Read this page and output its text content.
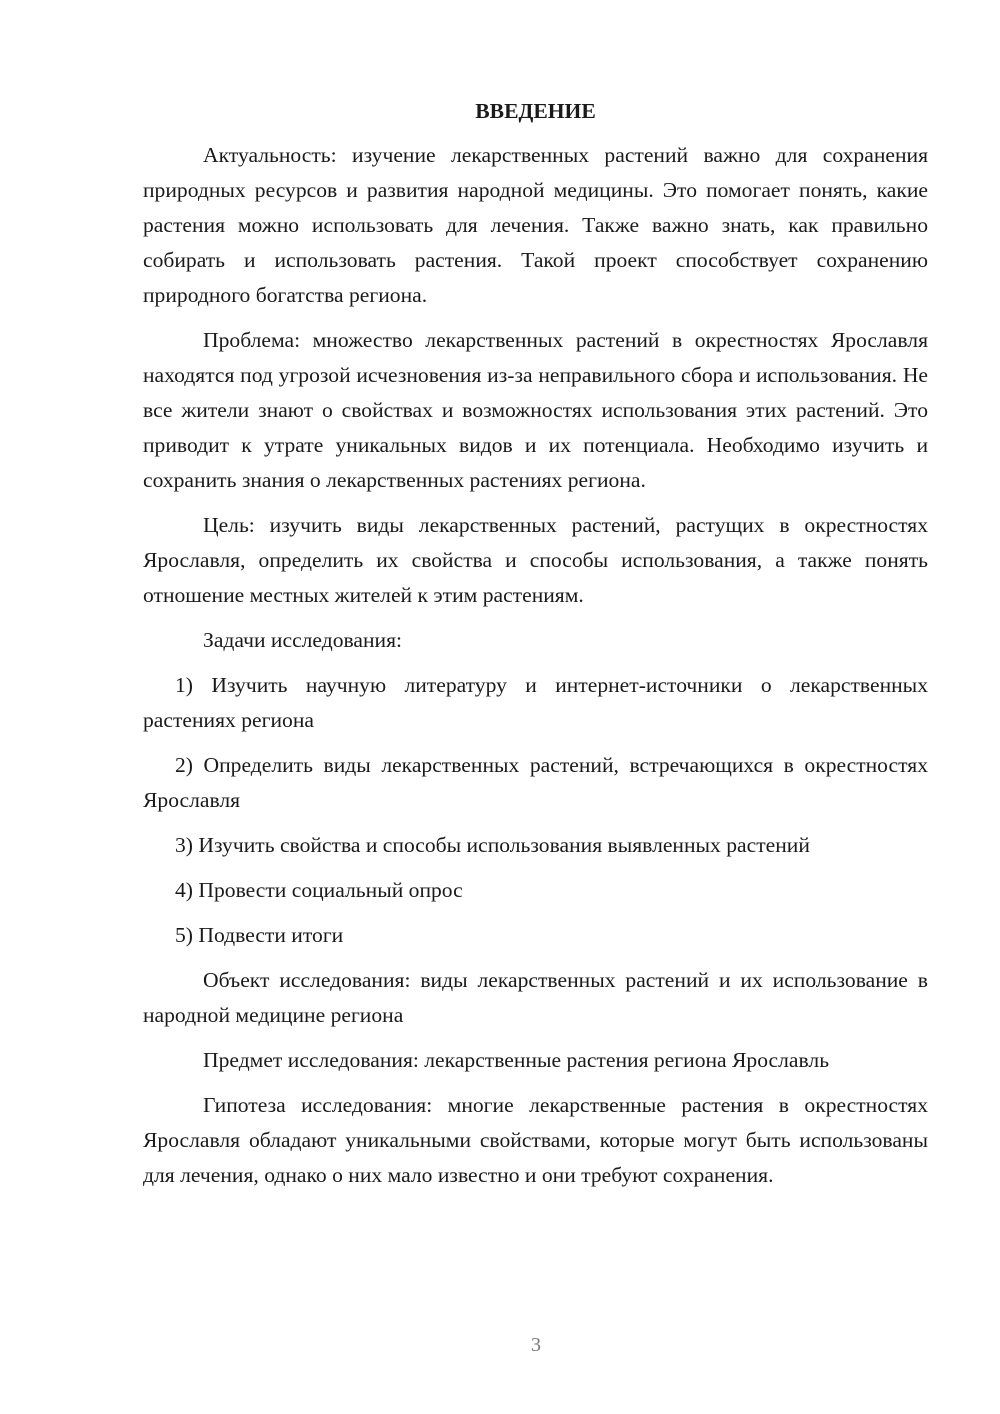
ВВЕДЕНИЕ

Актуальность: изучение лекарственных растений важно для сохранения природных ресурсов и развития народной медицины. Это помогает понять, какие растения можно использовать для лечения. Также важно знать, как правильно собирать и использовать растения. Такой проект способствует сохранению природного богатства региона.

Проблема: множество лекарственных растений в окрестностях Ярославля находятся под угрозой исчезновения из-за неправильного сбора и использования. Не все жители знают о свойствах и возможностях использования этих растений. Это приводит к утрате уникальных видов и их потенциала. Необходимо изучить и сохранить знания о лекарственных растениях региона.

Цель: изучить виды лекарственных растений, растущих в окрестностях Ярославля, определить их свойства и способы использования, а также понять отношение местных жителей к этим растениям.

Задачи исследования:

1) Изучить научную литературу и интернет-источники о лекарственных растениях региона

2) Определить виды лекарственных растений, встречающихся в окрестностях Ярославля

3) Изучить свойства и способы использования выявленных растений

4) Провести социальный опрос

5) Подвести итоги

Объект исследования: виды лекарственных растений и их использование в народной медицине региона

Предмет исследования: лекарственные растения региона Ярославль

Гипотеза исследования: многие лекарственные растения в окрестностях Ярославля обладают уникальными свойствами, которые могут быть использованы для лечения, однако о них мало известно и они требуют сохранения.

3
